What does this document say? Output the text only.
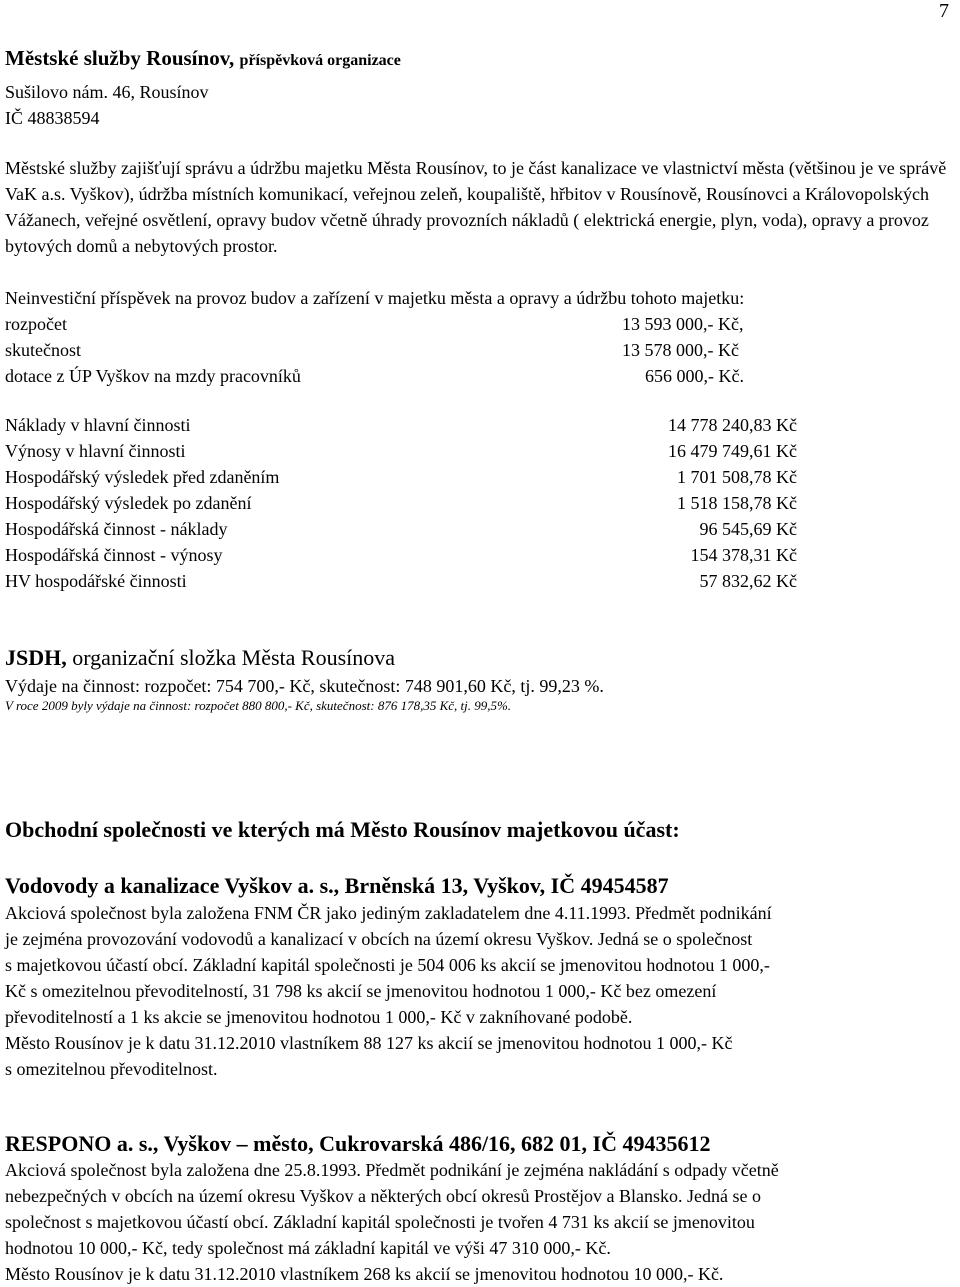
7
Městské služby Rousínov, příspěvková organizace
Sušilovo nám. 46, Rousínov
IČ 48838594

Městské služby zajišťují správu a údržbu majetku Města Rousínov, to je část kanalizace ve vlastnictví města (většinou je ve správě VaK a.s. Vyškov), údržba místních komunikací, veřejnou zeleň, koupaliště, hřbitov v Rousínově, Rousínovci a Královopolských Vážanech, veřejné osvětlení, opravy budov včetně úhrady provozních nákladů ( elektrická energie, plyn, voda), opravy a provoz bytových domů a nebytových prostor.

Neinvestiční příspěvek na provoz budov a zařízení v majetku města a opravy a údržbu tohoto majetku:

rozpočet	13 593 000,- Kč,
skutečnost	13 578 000,- Kč
dotace z ÚP Vyškov na mzdy pracovníků	656 000,- Kč.
Náklady v hlavní činnosti	14 778 240,83 Kč
Výnosy v hlavní činnosti	16 479 749,61 Kč
Hospodářský výsledek před zdaněním	1 701 508,78 Kč
Hospodářský výsledek po zdanění	1 518 158,78 Kč
Hospodářská činnost - náklady	96 545,69 Kč
Hospodářská činnost - výnosy	154 378,31 Kč
HV hospodářské činnosti	57 832,62 Kč
JSDH, organizační složka Města Rousínova
Výdaje na činnost: rozpočet: 754 700,- Kč, skutečnost: 748 901,60 Kč, tj. 99,23 %.
V roce 2009 byly výdaje na činnost: rozpočet 880 800,- Kč, skutečnost: 876 178,35 Kč, tj. 99,5%.
Obchodní společnosti ve kterých má Město Rousínov majetkovou účast:
Vodovody a kanalizace Vyškov a. s., Brněnská 13, Vyškov, IČ 49454587
Akciová společnost byla založena FNM ČR jako jediným zakladatelem dne 4.11.1993. Předmět podnikání
je zejména provozování vodovodů a kanalizací v obcích na území okresu Vyškov. Jedná se o společnost
s majetkovou účastí obcí. Základní kapitál společnosti je 504 006 ks akcií se jmenovitou hodnotou 1 000,-
Kč s omezitelnou převoditelností, 31 798 ks akcií se jmenovitou hodnotou 1 000,- Kč bez omezení
převoditelností a 1 ks akcie se jmenovitou hodnotou 1 000,- Kč v zakníhované podobě.
Město Rousínov je k datu 31.12.2010 vlastníkem 88 127 ks akcií se jmenovitou hodnotou 1 000,- Kč
s omezitelnou převoditelnost.
RESPONO a. s., Vyškov – město, Cukrovarská 486/16, 682 01, IČ 49435612
Akciová společnost byla založena dne 25.8.1993. Předmět podnikání je zejména nakládání s odpady včetně
nebezpečných v obcích na území okresu Vyškov a některých obcí okresů Prostějov a Blansko. Jedná se o
společnost s majetkovou účastí obcí. Základní kapitál společnosti je tvořen 4 731 ks akcií se jmenovitou
hodnotou 10 000,- Kč, tedy společnost má základní kapitál ve výši 47 310 000,- Kč.
Město Rousínov je k datu 31.12.2010 vlastníkem 268 ks akcií se jmenovitou hodnotou 10 000,- Kč.
